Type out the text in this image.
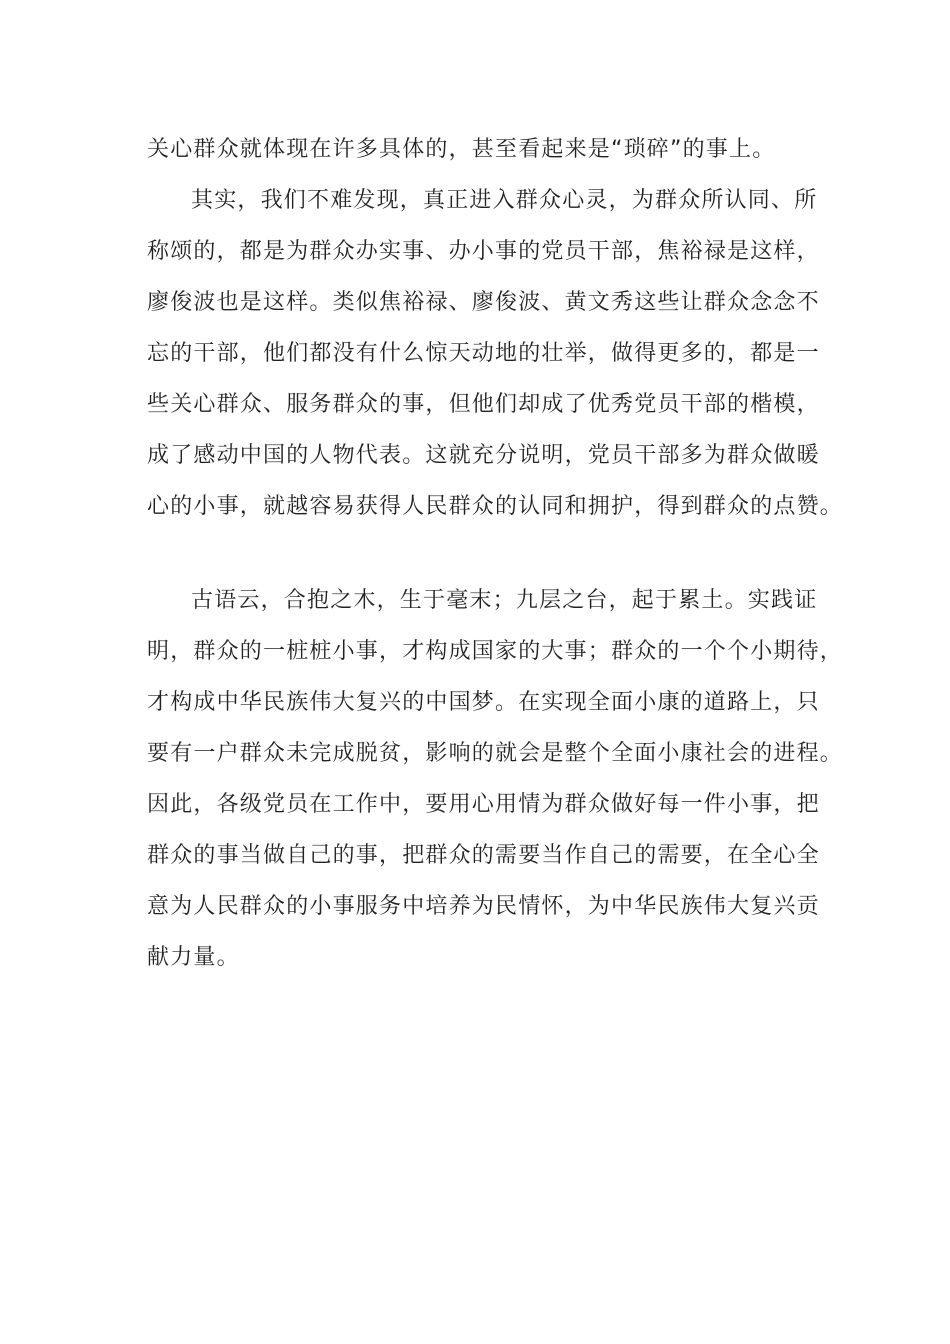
关心群众就体现在许多具体的，甚至看起来是“琐碎”的事上。
其实，我们不难发现，真正进入群众心灵，为群众所认同、所
称颂的，都是为群众办实事、办小事的党员干部，焦裕禄是这样，
廖俊波也是这样。类似焦裕禄、廖俊波、黄文秀这些让群众念念不
忘的干部，他们都没有什么惊天动地的壮举，做得更多的，都是一
些关心群众、服务群众的事，但他们却成了优秀党员干部的楷模，
成了感动中国的人物代表。这就充分说明，党员干部多为群众做暖
心的小事，就越容易获得人民群众的认同和拥护，得到群众的点赞。
古语云，合抱之木，生于毫末；九层之台，起于累土。实践证
明，群众的一桩桩小事，才构成国家的大事；群众的一个个小期待，
才构成中华民族伟大复兴的中国梦。在实现全面小康的道路上，只
要有一户群众未完成脱贫，影响的就会是整个全面小康社会的进程。
因此，各级党员在工作中，要用心用情为群众做好每一件小事，把
群众的事当做自己的事，把群众的需要当作自己的需要，在全心全
意为人民群众的小事服务中培养为民情怀，为中华民族伟大复兴贡
献力量。
